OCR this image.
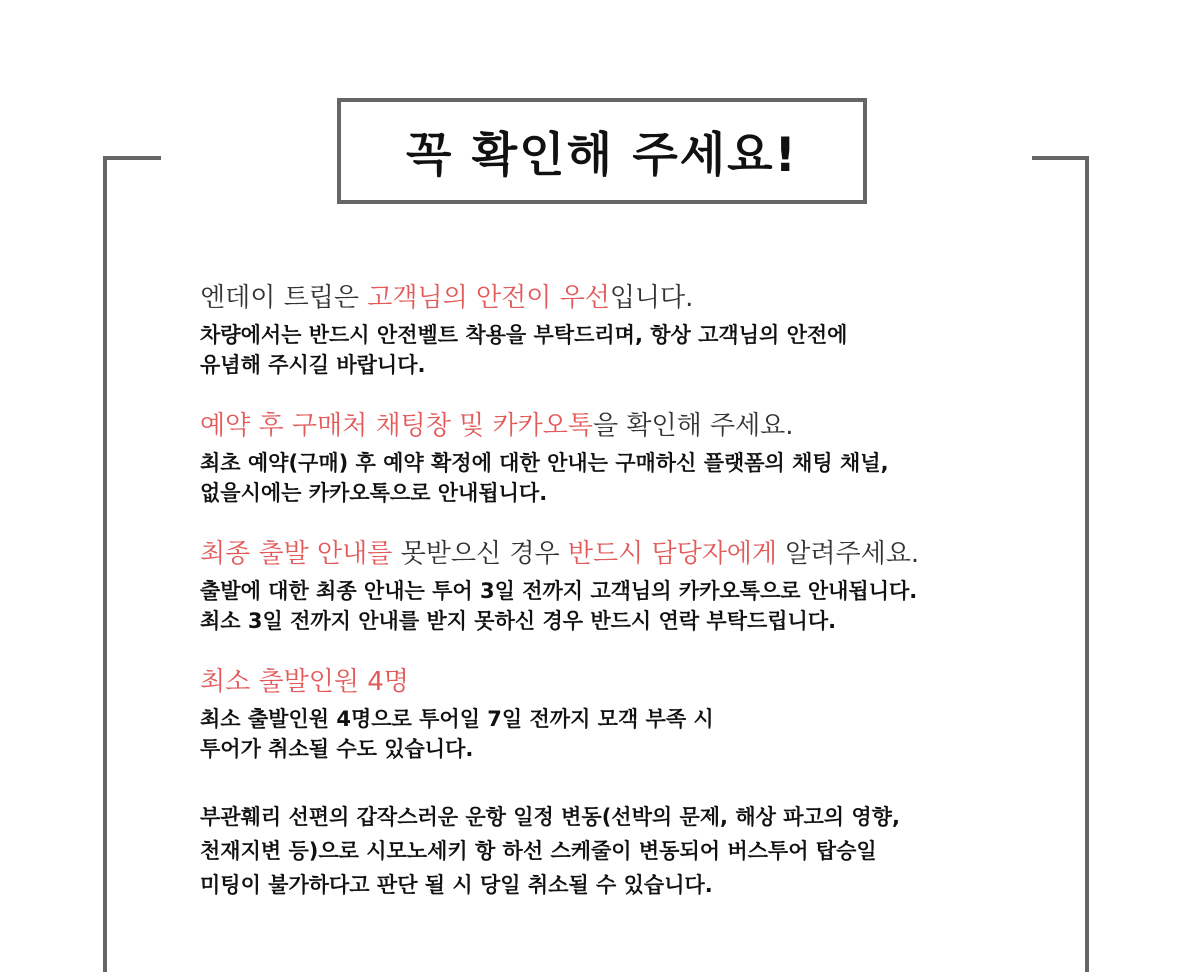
꼭 확인해 주세요!
엔데이 트립은 고객님의 안전이 우선입니다.
차량에서는 반드시 안전벨트 착용을 부탁드리며, 항상 고객님의 안전에
유념해 주시길 바랍니다.
예약 후 구매처 채팅창 및 카카오톡을 확인해 주세요.
최초 예약(구매) 후 예약 확정에 대한 안내는 구매하신 플랫폼의 채팅 채널,
없을시에는 카카오톡으로 안내됩니다.
최종 출발 안내를 못받으신 경우 반드시 담당자에게 알려주세요.
출발에 대한 최종 안내는 투어 3일 전까지 고객님의 카카오톡으로 안내됩니다.
최소 3일 전까지 안내를 받지 못하신 경우 반드시 연락 부탁드립니다.
최소 출발인원 4명
최소 출발인원 4명으로 투어일 7일 전까지 모객 부족 시
투어가 취소될 수도 있습니다.
부관훼리 선편의 갑작스러운 운항 일정 변동(선박의 문제, 해상 파고의 영향,
천재지변 등)으로 시모노세키 항 하선 스케줄이 변동되어 버스투어 탑승일
미팅이 불가하다고 판단 될 시 당일 취소될 수 있습니다.
